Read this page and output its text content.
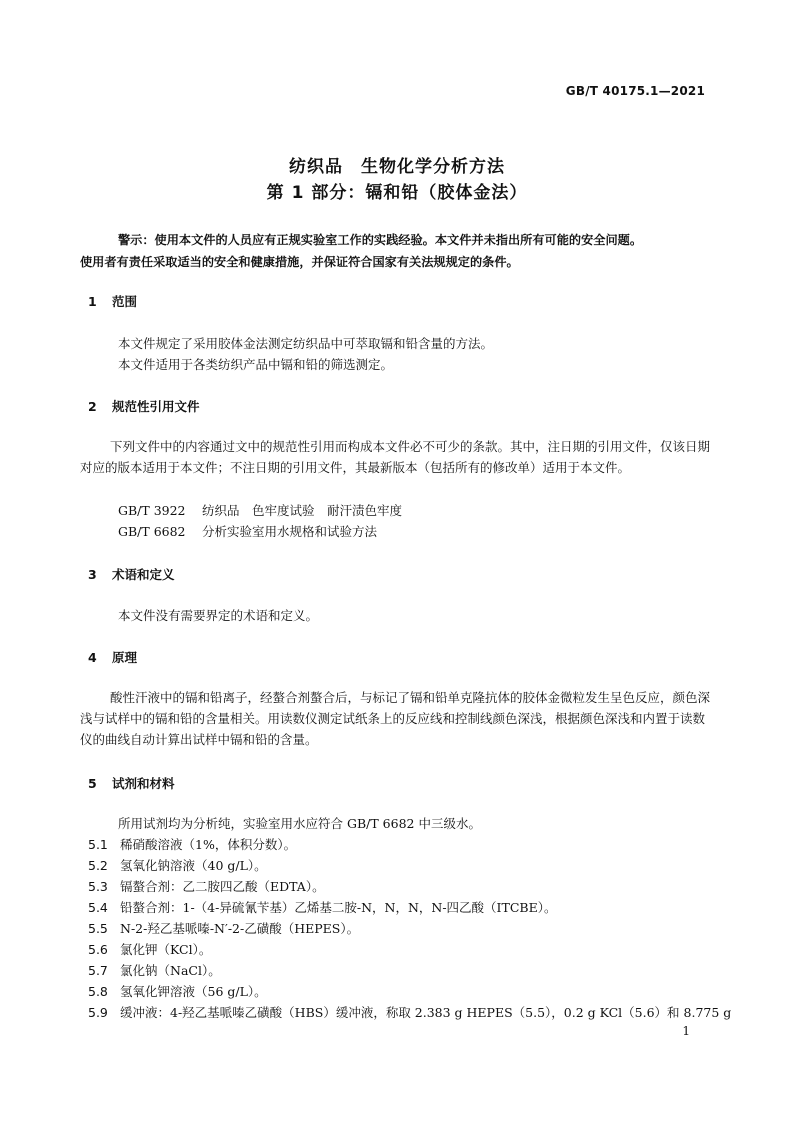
GB/T 40175.1—2021
纺织品　生物化学分析方法
第 1 部分：镉和铅（胶体金法）

警示：使用本文件的人员应有正规实验室工作的实践经验。本文件并未指出所有可能的安全问题。

使用者有责任采取适当的安全和健康措施，并保证符合国家有关法规规定的条件。

1 范围
本文件规定了采用胶体金法测定纺织品中可萃取镉和铅含量的方法。
本文件适用于各类纺织产品中镉和铅的筛选测定。
2 规范性引用文件

下列文件中的内容通过文中的规范性引用而构成本文件必不可少的条款。其中，注日期的引用文件，仅该日期对应的版本适用于本文件；不注日期的引用文件，其最新版本（包括所有的修改单）适用于本文件。

GB/T 3922 纺织品　色牢度试验　耐汗渍色牢度
GB/T 6682 分析实验室用水规格和试验方法
3 术语和定义
本文件没有需要界定的术语和定义。
4 原理

酸性汗液中的镉和铅离子，经螯合剂螯合后，与标记了镉和铅单克隆抗体的胶体金微粒发生呈色反应，颜色深浅与试样中的镉和铅的含量相关。用读数仪测定试纸条上的反应线和控制线颜色深浅，根据颜色深浅和内置于读数仪的曲线自动计算出试样中镉和铅的含量。

5 试剂和材料
所用试剂均为分析纯，实验室用水应符合 GB/T 6682 中三级水。
5.1 稀硝酸溶液（1%，体积分数）。
5.2 氢氧化钠溶液（40 g/L）。
5.3 镉螯合剂：乙二胺四乙酸（EDTA）。
5.4 铅螯合剂：1-（4-异硫氰苄基）乙烯基二胺-N，N，N，N-四乙酸（ITCBE）。
5.5 N-2-羟乙基哌嗪-N′-2-乙磺酸（HEPES）。
5.6 氯化钾（KCl）。
5.7 氯化钠（NaCl）。
5.8 氢氧化钾溶液（56 g/L）。
5.9 缓冲液：4-羟乙基哌嗪乙磺酸（HBS）缓冲液，称取 2.383 g HEPES（5.5），0.2 g KCl（5.6）和 8.775 g
1
